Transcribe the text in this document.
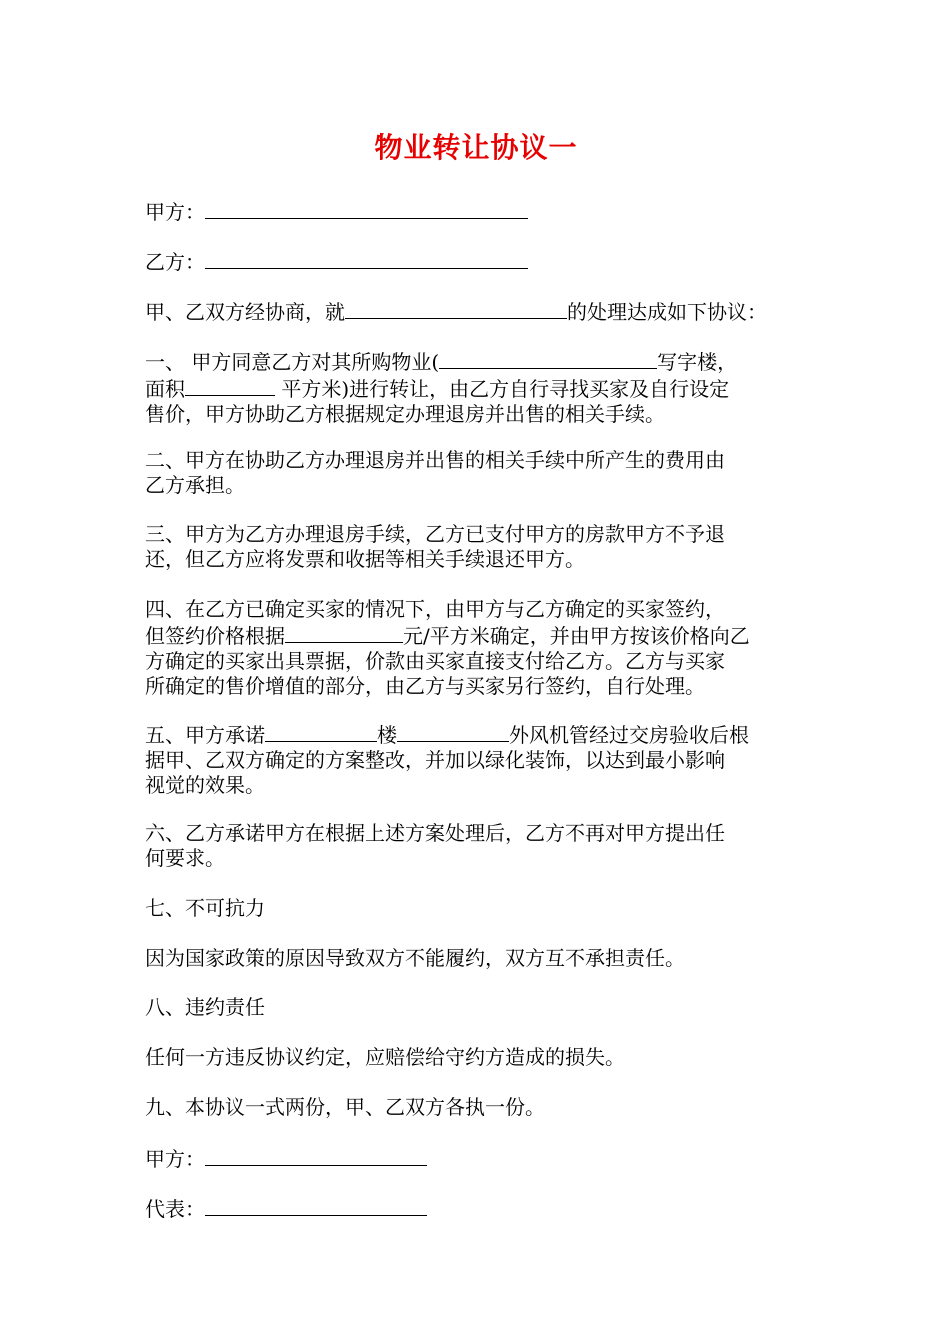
物业转让协议一
甲方：
乙方：
甲、乙双方经协商，就	的处理达成如下协议：
一、 甲方同意乙方对其所购物业(	写字楼，
面积	平方米)进行转让，由乙方自行寻找买家及自行设定
售价，甲方协助乙方根据规定办理退房并出售的相关手续。
二、甲方在协助乙方办理退房并出售的相关手续中所产生的费用由
乙方承担。
三、甲方为乙方办理退房手续，乙方已支付甲方的房款甲方不予退
还，但乙方应将发票和收据等相关手续退还甲方。
四、在乙方已确定买家的情况下，由甲方与乙方确定的买家签约，
但签约价格根据	元/平方米确定，并由甲方按该价格向乙
方确定的买家出具票据，价款由买家直接支付给乙方。乙方与买家
所确定的售价增值的部分，由乙方与买家另行签约，自行处理。
五、甲方承诺	楼	外风机管经过交房验收后根
据甲、乙双方确定的方案整改，并加以绿化装饰，以达到最小影响
视觉的效果。
六、乙方承诺甲方在根据上述方案处理后，乙方不再对甲方提出任
何要求。
七、不可抗力
因为国家政策的原因导致双方不能履约，双方互不承担责任。
八、违约责任
任何一方违反协议约定，应赔偿给守约方造成的损失。
九、本协议一式两份，甲、乙双方各执一份。
甲方：
代表：
